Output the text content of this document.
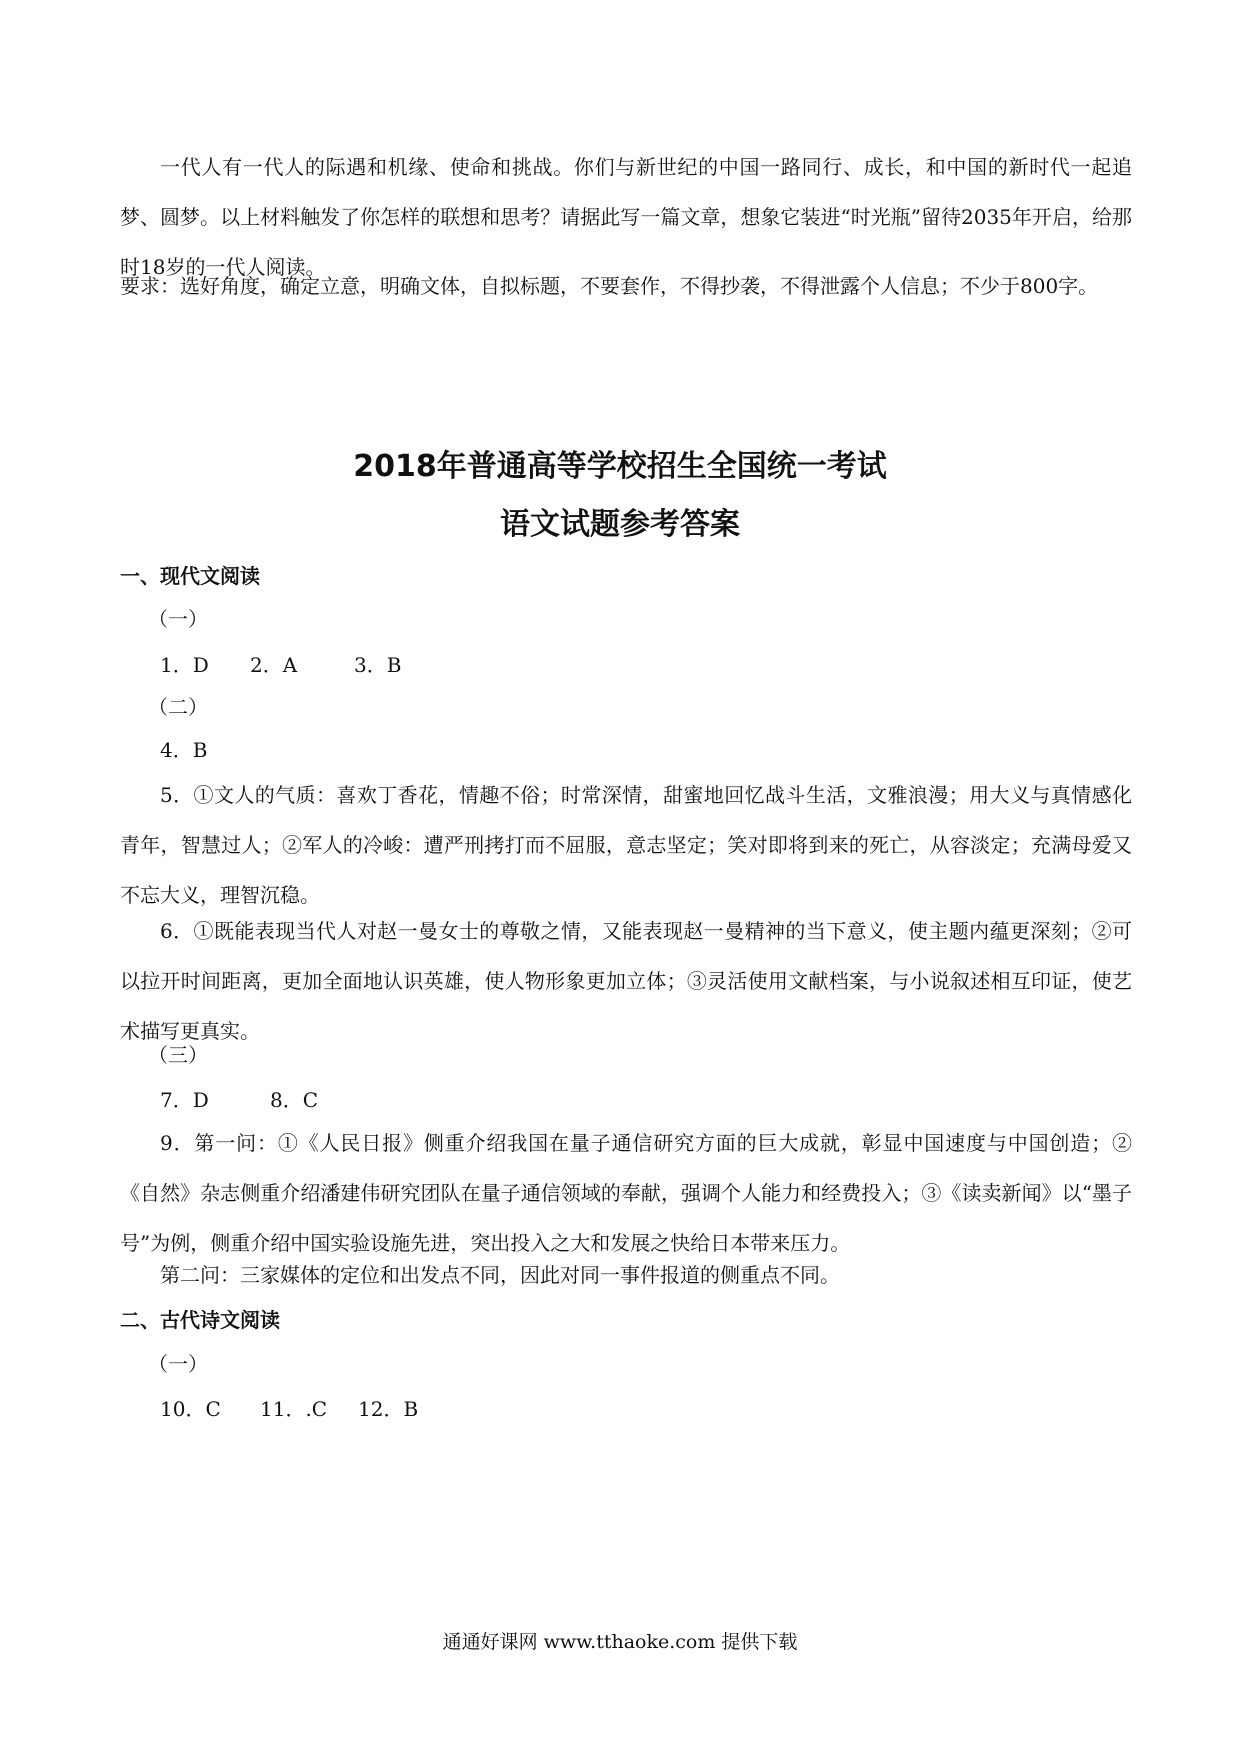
一代人有一代人的际遇和机缘、使命和挑战。你们与新世纪的中国一路同行、成长，和中国的新时代一起追梦、圆梦。以上材料触发了你怎样的联想和思考？请据此写一篇文章，想象它装进“时光瓶”留待2035年开启，给那时18岁的一代人阅读。

要求：选好角度，确定立意，明确文体，自拟标题，不要套作，不得抄袭，不得泄露个人信息；不少于800字。

2018年普通高等学校招生全国统一考试
语文试题参考答案
一、现代文阅读
（一）
1．D 2．A	3．B
（二）
4．B

5．①文人的气质：喜欢丁香花，情趣不俗；时常深情，甜蜜地回忆战斗生活，文雅浪漫；用大义与真情感化青年，智慧过人；②军人的冷峻：遭严刑拷打而不屈服，意志坚定；笑对即将到来的死亡，从容淡定；充满母爱又不忘大义，理智沉稳。

6．①既能表现当代人对赵一曼女士的尊敬之情，又能表现赵一曼精神的当下意义，使主题内蕴更深刻；②可以拉开时间距离，更加全面地认识英雄，使人物形象更加立体；③灵活使用文献档案，与小说叙述相互印证，使艺术描写更真实。

（三）
7．D	8．C

9．第一问：①《人民日报》侧重介绍我国在量子通信研究方面的巨大成就，彰显中国速度与中国创造；②《自然》杂志侧重介绍潘建伟研究团队在量子通信领域的奉献，强调个人能力和经费投入；③《读卖新闻》以“墨子号”为例，侧重介绍中国实验设施先进，突出投入之大和发展之快给日本带来压力。

第二问：三家媒体的定位和出发点不同，因此对同一事件报道的侧重点不同。
二、古代诗文阅读
（一）
10．C 11．.C 12．B
通通好课网 www.tthaoke.com 提供下载
